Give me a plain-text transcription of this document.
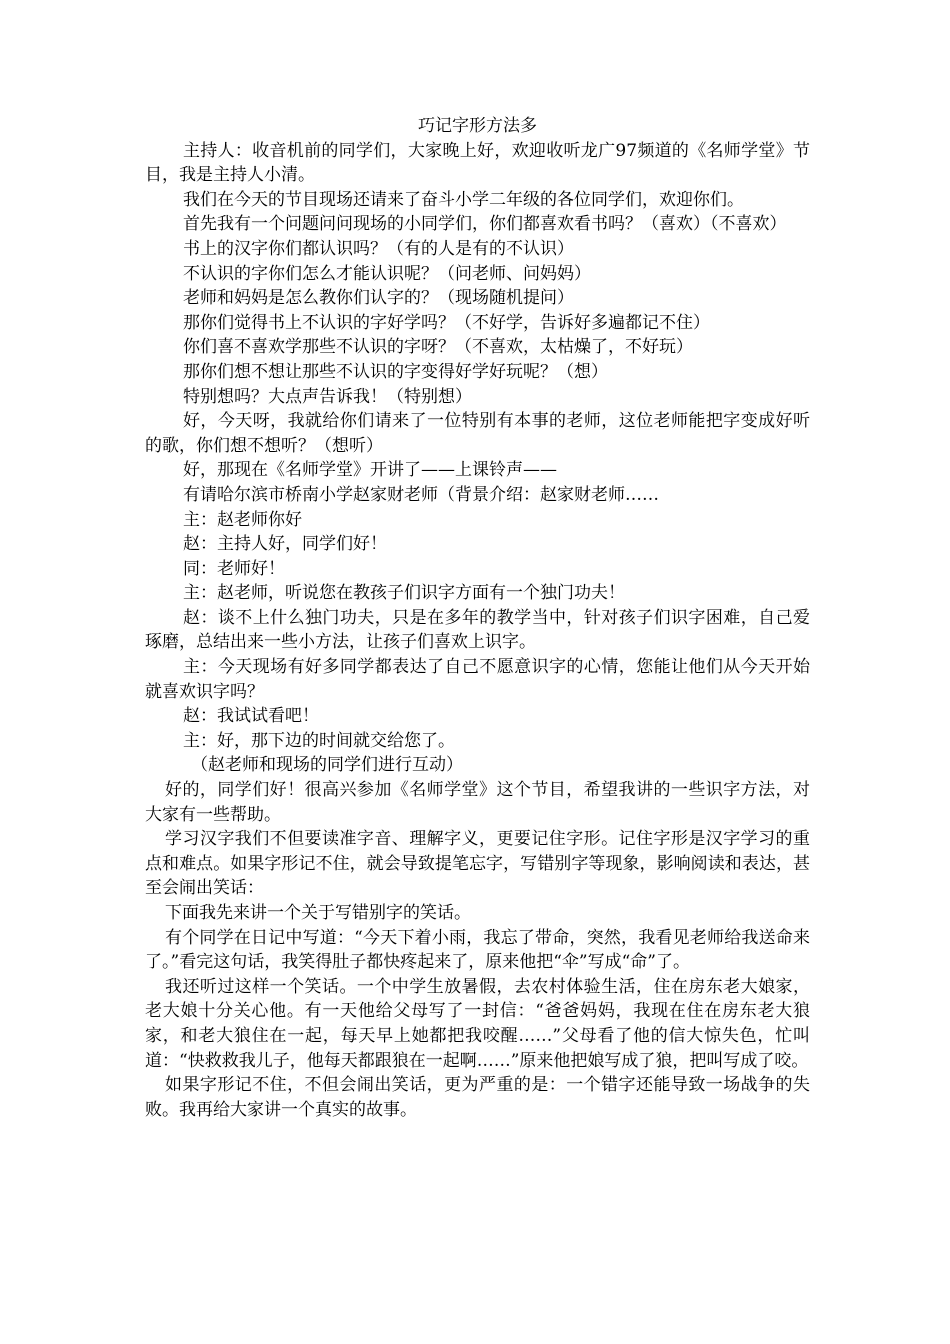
巧记字形方法多

主持人：收音机前的同学们，大家晚上好，欢迎收听龙广97频道的《名师学堂》节目，我是主持人小清。

我们在今天的节目现场还请来了奋斗小学二年级的各位同学们，欢迎你们。

首先我有一个问题问问现场的小同学们，你们都喜欢看书吗？（喜欢）（不喜欢）

书上的汉字你们都认识吗？（有的人是有的不认识）

不认识的字你们怎么才能认识呢？（问老师、问妈妈）

老师和妈妈是怎么教你们认字的？（现场随机提问）

那你们觉得书上不认识的字好学吗？（不好学，告诉好多遍都记不住）

你们喜不喜欢学那些不认识的字呀？（不喜欢，太枯燥了，不好玩）

那你们想不想让那些不认识的字变得好学好玩呢？（想）

特别想吗？大点声告诉我！（特别想）

好，今天呀，我就给你们请来了一位特别有本事的老师，这位老师能把字变成好听的歌，你们想不想听？（想听）

好，那现在《名师学堂》开讲了——上课铃声——

有请哈尔滨市桥南小学赵家财老师（背景介绍：赵家财老师……

主：赵老师你好

赵：主持人好，同学们好！

同：老师好！

主：赵老师，听说您在教孩子们识字方面有一个独门功夫！

赵：谈不上什么独门功夫，只是在多年的教学当中，针对孩子们识字困难，自己爱琢磨，总结出来一些小方法，让孩子们喜欢上识字。

主：今天现场有好多同学都表达了自己不愿意识字的心情，您能让他们从今天开始就喜欢识字吗？

赵：我试试看吧！

主：好，那下边的时间就交给您了。

（赵老师和现场的同学们进行互动）

好的，同学们好！很高兴参加《名师学堂》这个节目，希望我讲的一些识字方法，对大家有一些帮助。

学习汉字我们不但要读准字音、理解字义，更要记住字形。记住字形是汉字学习的重点和难点。如果字形记不住，就会导致提笔忘字，写错别字等现象，影响阅读和表达，甚至会闹出笑话：

下面我先来讲一个关于写错别字的笑话。

有个同学在日记中写道：“今天下着小雨，我忘了带命，突然，我看见老师给我送命来了。”看完这句话，我笑得肚子都快疼起来了，原来他把“伞”写成“命”了。

我还听过这样一个笑话。一个中学生放暑假，去农村体验生活，住在房东老大娘家，老大娘十分关心他。有一天他给父母写了一封信：“爸爸妈妈，我现在住在房东老大狼家，和老大狼住在一起，每天早上她都把我咬醒……”父母看了他的信大惊失色，忙叫道：“快救救我儿子，他每天都跟狼在一起啊……”原来他把娘写成了狼，把叫写成了咬。

如果字形记不住，不但会闹出笑话，更为严重的是：一个错字还能导致一场战争的失败。我再给大家讲一个真实的故事。
